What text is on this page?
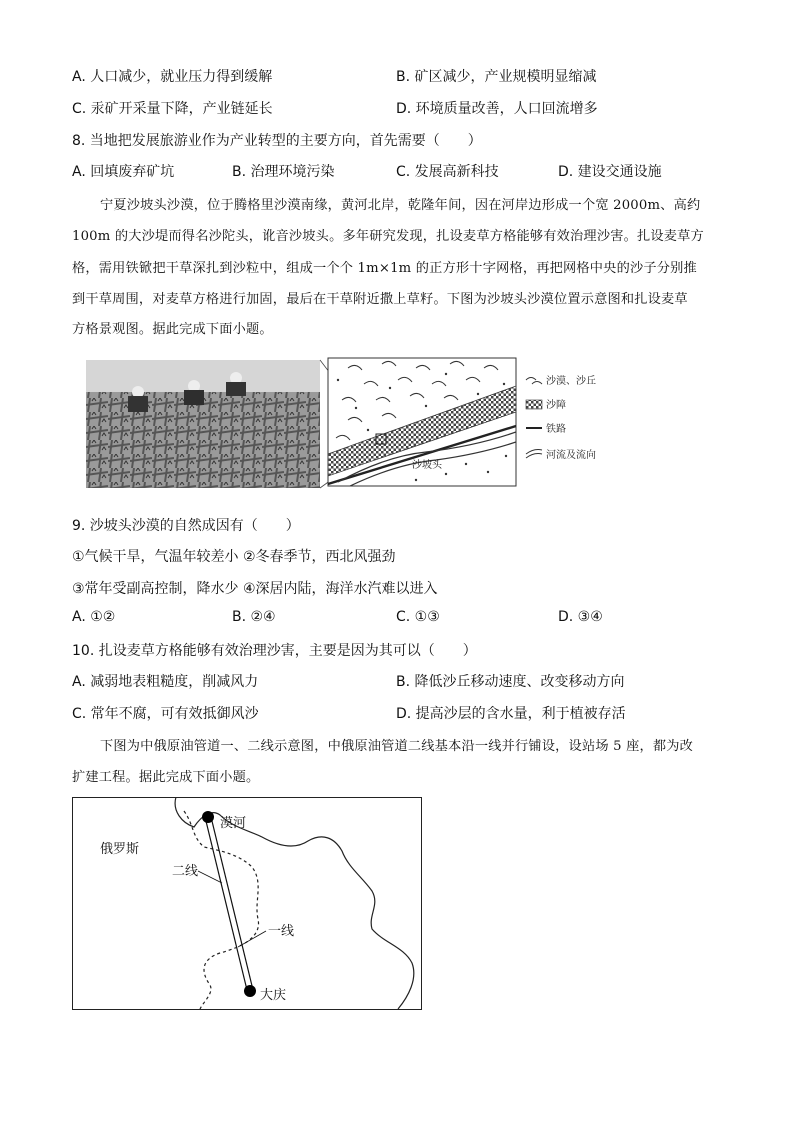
A. 人口减少，就业压力得到缓解	B. 矿区减少，产业规模明显缩减
C. 汞矿开采量下降，产业链延长	D. 环境质量改善，人口回流增多
8. 当地把发展旅游业作为产业转型的主要方向，首先需要（　　）
A. 回填废弃矿坑	B. 治理环境污染	C. 发展高新科技	D. 建设交通设施
宁夏沙坡头沙漠，位于腾格里沙漠南缘，黄河北岸，乾隆年间，因在河岸边形成一个宽 2000m、高约
100m 的大沙堤而得名沙陀头，讹音沙坡头。多年研究发现，扎设麦草方格能够有效治理沙害。扎设麦草方
格，需用铁锨把干草深扎到沙粒中，组成一个个 1m×1m 的正方形十字网格，再把网格中央的沙子分别推
到干草周围，对麦草方格进行加固，最后在干草附近撒上草籽。下图为沙坡头沙漠位置示意图和扎设麦草
方格景观图。据此完成下面小题。
沙坡头
沙漠、沙丘
沙障
铁路
河流及流向
9. 沙坡头沙漠的自然成因有（　　）
①气候干旱，气温年较差小 ②冬春季节，西北风强劲
③常年受副高控制，降水少 ④深居内陆，海洋水汽难以进入
A. ①②	B. ②④	C. ①③	D. ③④
10. 扎设麦草方格能够有效治理沙害，主要是因为其可以（　　）
A. 减弱地表粗糙度，削减风力	B. 降低沙丘移动速度、改变移动方向
C. 常年不腐，可有效抵御风沙	D. 提高沙层的含水量，利于植被存活
下图为中俄原油管道一、二线示意图，中俄原油管道二线基本沿一线并行铺设，设站场 5 座，都为改
扩建工程。据此完成下面小题。
漠河
大庆
俄罗斯
二线
一线
